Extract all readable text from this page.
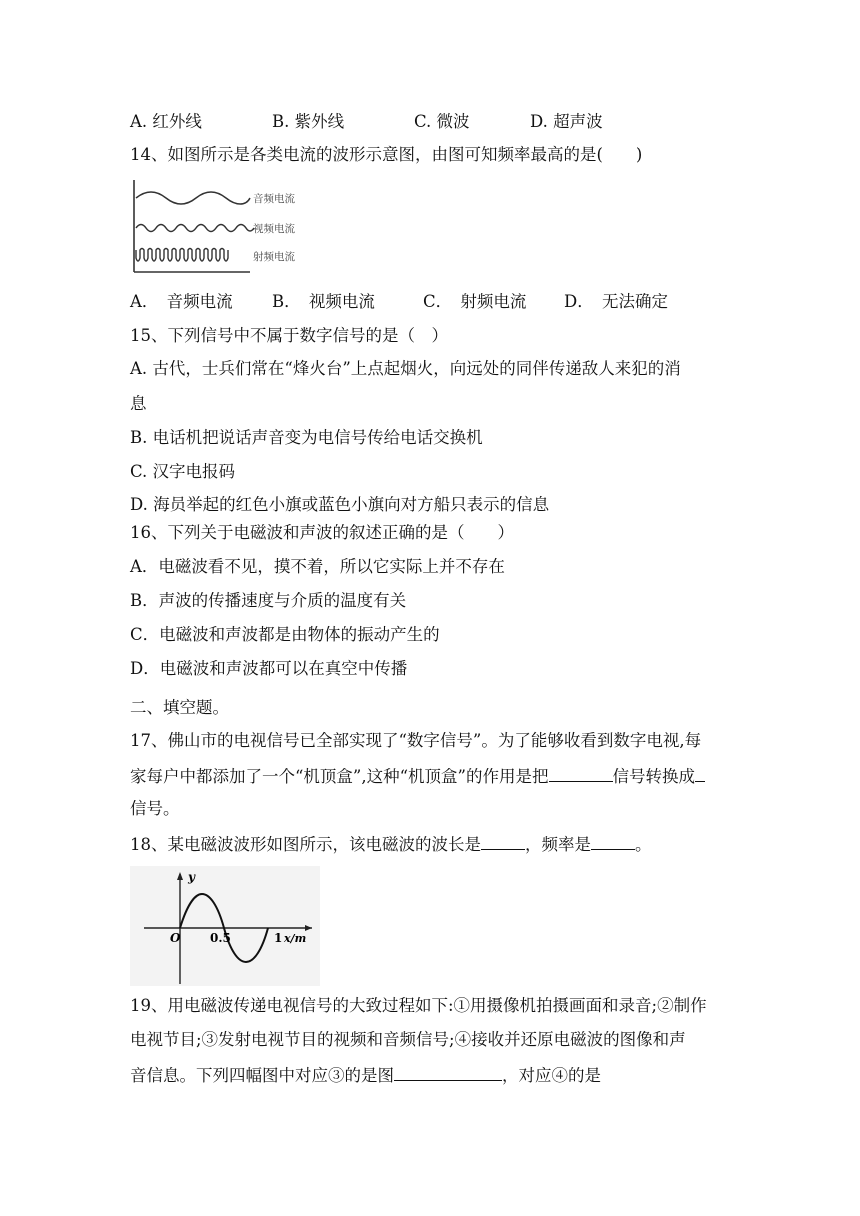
A. 红外线	B. 紫外线	C. 微波	D. 超声波
14、如图所示是各类电流的波形示意图，由图可知频率最高的是(　　)
音频电流
视频电流
射频电流
A．　音频电流 B．　视频电流	C．　射频电流 D．　无法确定
15、下列信号中不属于数字信号的是（　）
A. 古代，士兵们常在“烽火台”上点起烟火，向远处的同伴传递敌人来犯的消
息
B. 电话机把说话声音变为电信号传给电话交换机
C. 汉字电报码
D. 海员举起的红色小旗或蓝色小旗向对方船只表示的信息
16、下列关于电磁波和声波的叙述正确的是（　　）
A．电磁波看不见，摸不着，所以它实际上并不存在
B．声波的传播速度与介质的温度有关
C．电磁波和声波都是由物体的振动产生的
D．电磁波和声波都可以在真空中传播
二、填空题。
17、佛山市的电视信号已全部实现了“数字信号”。为了能够收看到数字电视,每
家每户中都添加了一个“机顶盒”,这种“机顶盒”的作用是把	信号转换成
信号。
18、某电磁波波形如图所示，该电磁波的波长是	，频率是	。
y
O 0.5	1 x/m
19、用电磁波传递电视信号的大致过程如下:①用摄像机拍摄画面和录音;②制作
电视节目;③发射电视节目的视频和音频信号;④接收并还原电磁波的图像和声
音信息。下列四幅图中对应③的是图	，对应④的是
